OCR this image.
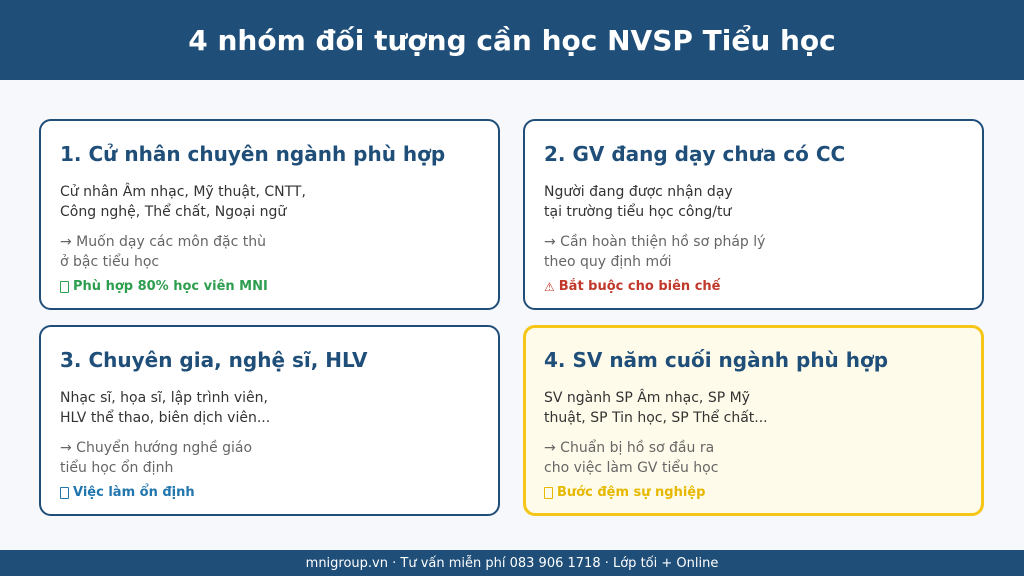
4 nhóm đối tượng cần học NVSP Tiểu học
1. Cử nhân chuyên ngành phù hợp
Cử nhân Âm nhạc, Mỹ thuật, CNTT,
Công nghệ, Thể chất, Ngoại ngữ
→ Muốn dạy các môn đặc thù
ở bậc tiểu học
Phù hợp 80% học viên MNI
2. GV đang dạy chưa có CC
Người đang được nhận dạy
tại trường tiểu học công/tư
→ Cần hoàn thiện hồ sơ pháp lý
theo quy định mới
⚠ Bắt buộc cho biên chế
3. Chuyên gia, nghệ sĩ, HLV
Nhạc sĩ, họa sĩ, lập trình viên,
HLV thể thao, biên dịch viên...
→ Chuyển hướng nghề giáo
tiểu học ổn định
Việc làm ổn định
4. SV năm cuối ngành phù hợp
SV ngành SP Âm nhạc, SP Mỹ
thuật, SP Tin học, SP Thể chất...
→ Chuẩn bị hồ sơ đầu ra
cho việc làm GV tiểu học
Bước đệm sự nghiệp
mnigroup.vn · Tư vấn miễn phí 083 906 1718 · Lớp tối + Online
